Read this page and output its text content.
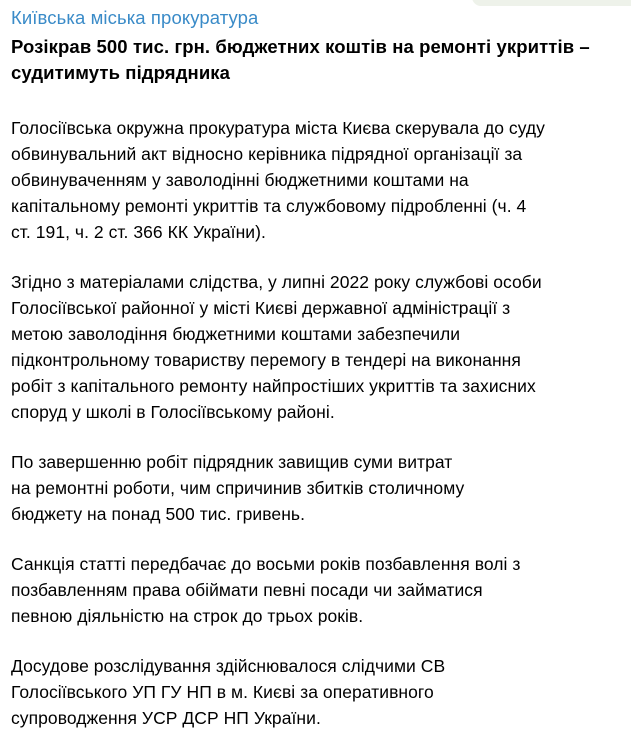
Київська міська прокуратура
Розікрав 500 тис. грн. бюджетних коштів на ремонті укриттів –
судитимуть підрядника
Голосіївська окружна прокуратура міста Києва скерувала до суду
обвинувальний акт відносно керівника підрядної організації за
обвинуваченням у заволодінні бюджетними коштами на
капітальному ремонті укриттів та службовому підробленні (ч. 4
ст. 191, ч. 2 ст. 366 КК України).
Згідно з матеріалами слідства, у липні 2022 року службові особи
Голосіївської районної у місті Києві державної адміністрації з
метою заволодіння бюджетними коштами забезпечили
підконтрольному товариству перемогу в тендері на виконання
робіт з капітального ремонту найпростіших укриттів та захисних
споруд у школі в Голосіївському районі.
По завершенню робіт підрядник завищив суми витрат
на ремонтні роботи, чим спричинив збитків столичному
бюджету на понад 500 тис. гривень.
Санкція статті передбачає до восьми років позбавлення волі з
позбавленням права обіймати певні посади чи займатися
певною діяльністю на строк до трьох років.
Досудове розслідування здійснювалося слідчими СВ
Голосіївського УП ГУ НП в м. Києві за оперативного
супроводження УСР ДСР НП України.
